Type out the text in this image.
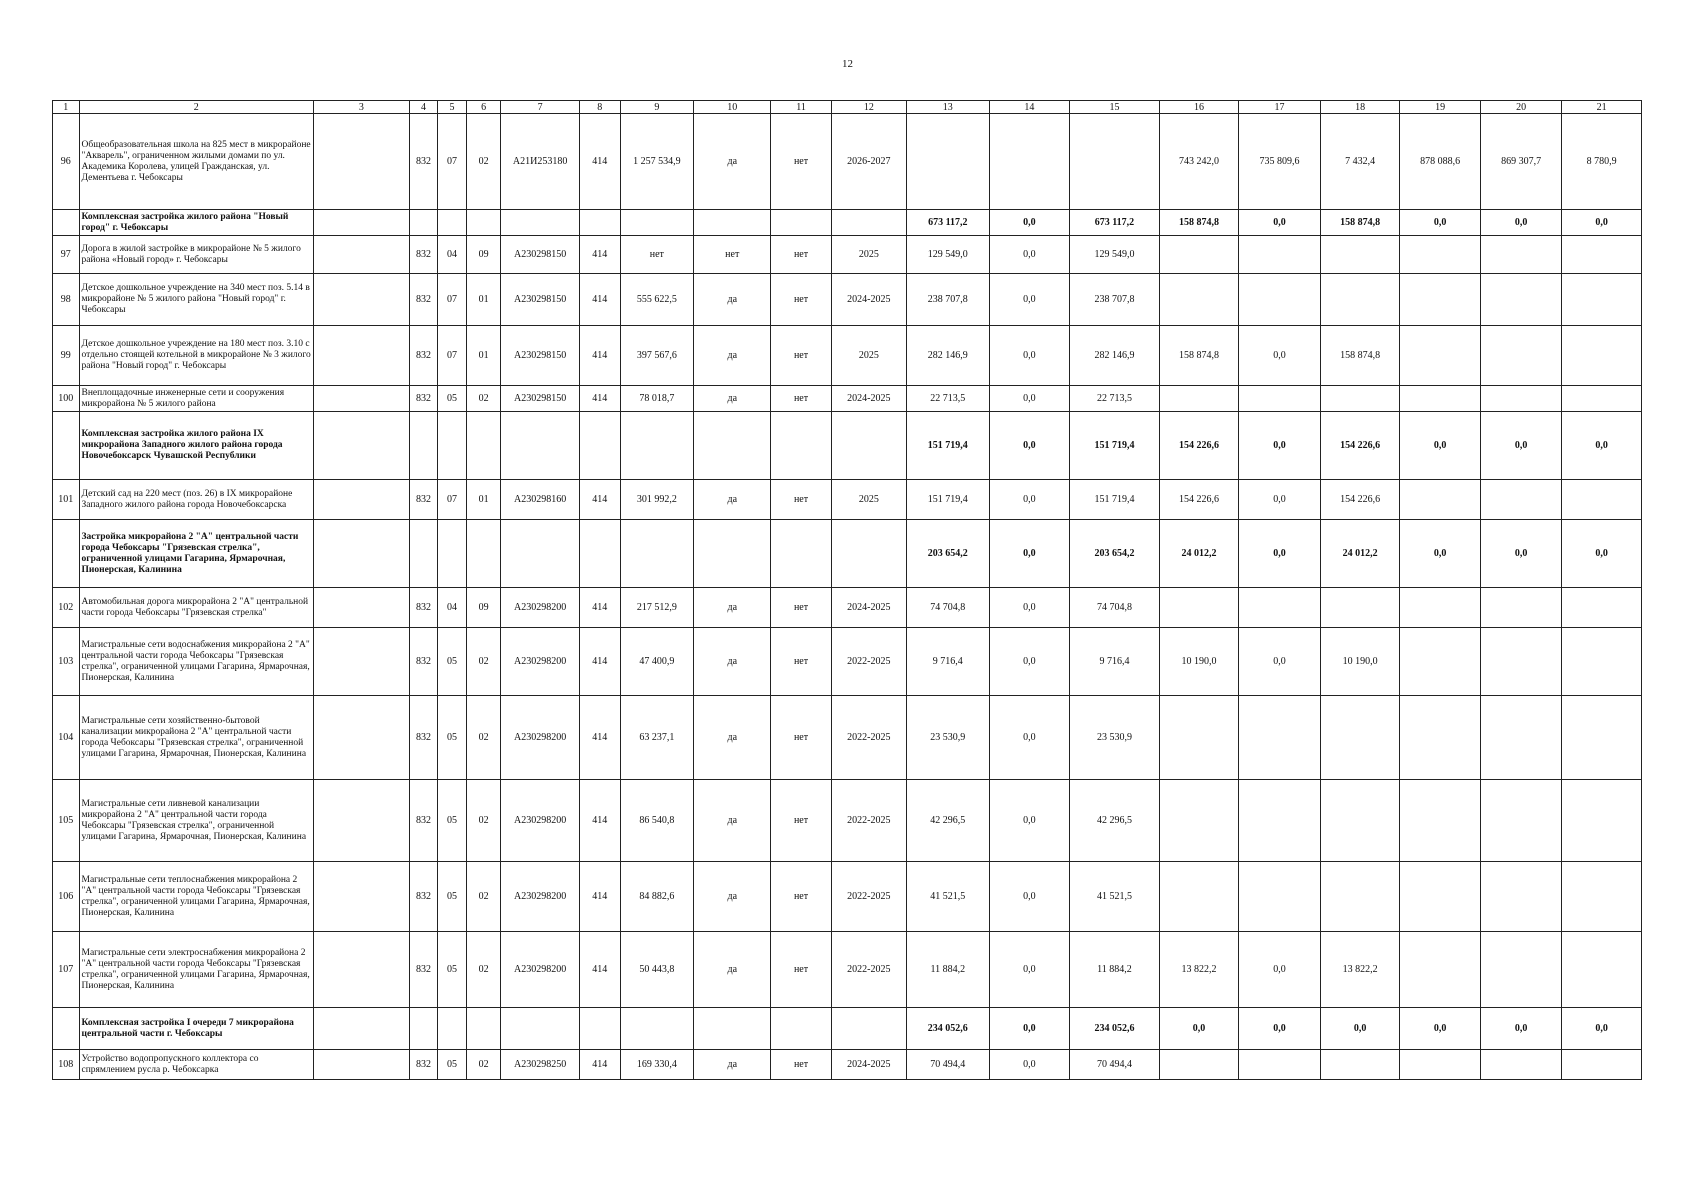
12
1	2	3	4	5	6	7	8	9	10	11	12	13	14	15	16	17	18	19	20	21
96	Общеобразовательная школа на 825 мест в микрорайоне "Акварель", ограниченном жилыми домами по ул. Академика Королева, улицей Гражданская, ул. Дементьева г. Чебоксары		832	07	02	А21И253180	414	1 257 534,9	да	нет	2026-2027				743 242,0	735 809,6	7 432,4	878 088,6	869 307,7	8 780,9
	Комплексная застройка жилого района "Новый город" г. Чебоксары											673 117,2	0,0	673 117,2	158 874,8	0,0	158 874,8	0,0	0,0	0,0
97	Дорога в жилой застройке в микрорайоне № 5 жилого района «Новый город» г. Чебоксары		832	04	09	А230298150	414	нет	нет	нет	2025	129 549,0	0,0	129 549,0						
98	Детское дошкольное учреждение на 340 мест поз. 5.14 в микрорайоне № 5 жилого района "Новый город" г. Чебоксары		832	07	01	А230298150	414	555 622,5	да	нет	2024-2025	238 707,8	0,0	238 707,8						
99	Детское дошкольное учреждение на 180 мест поз. 3.10 с отдельно стоящей котельной в микрорайоне № 3 жилого района "Новый город" г. Чебоксары		832	07	01	А230298150	414	397 567,6	да	нет	2025	282 146,9	0,0	282 146,9	158 874,8	0,0	158 874,8			
100	Внеплощадочные инженерные сети и сооружения микрорайона № 5 жилого района		832	05	02	А230298150	414	78 018,7	да	нет	2024-2025	22 713,5	0,0	22 713,5						
	Комплексная застройка жилого района IX микрорайона Западного жилого района города Новочебоксарск Чувашской Республики											151 719,4	0,0	151 719,4	154 226,6	0,0	154 226,6	0,0	0,0	0,0
101	Детский сад на 220 мест (поз. 26) в IX микрорайоне Западного жилого района города Новочебоксарска		832	07	01	А230298160	414	301 992,2	да	нет	2025	151 719,4	0,0	151 719,4	154 226,6	0,0	154 226,6			
	Застройка микрорайона 2 "А" центральной части города Чебоксары "Грязевская стрелка", ограниченной улицами Гагарина, Ярмарочная, Пионерская, Калинина											203 654,2	0,0	203 654,2	24 012,2	0,0	24 012,2	0,0	0,0	0,0
102	Автомобильная дорога микрорайона 2 "А" центральной части города Чебоксары "Грязевская стрелка"		832	04	09	А230298200	414	217 512,9	да	нет	2024-2025	74 704,8	0,0	74 704,8						
103	Магистральные сети водоснабжения микрорайона 2 "А" центральной части города Чебоксары "Грязевская стрелка", ограниченной улицами Гагарина, Ярмарочная, Пионерская, Калинина		832	05	02	А230298200	414	47 400,9	да	нет	2022-2025	9 716,4	0,0	9 716,4	10 190,0	0,0	10 190,0			
104	Магистральные сети хозяйственно-бытовой канализации микрорайона 2 "А" центральной части города Чебоксары "Грязевская стрелка", ограниченной улицами Гагарина, Ярмарочная, Пионерская, Калинина		832	05	02	А230298200	414	63 237,1	да	нет	2022-2025	23 530,9	0,0	23 530,9						
105	Магистральные сети ливневой канализации микрорайона 2 "А" центральной части города Чебоксары "Грязевская стрелка", ограниченной улицами Гагарина, Ярмарочная, Пионерская, Калинина		832	05	02	А230298200	414	86 540,8	да	нет	2022-2025	42 296,5	0,0	42 296,5						
106	Магистральные сети теплоснабжения микрорайона 2 "А" центральной части города Чебоксары "Грязевская стрелка", ограниченной улицами Гагарина, Ярмарочная, Пионерская, Калинина		832	05	02	А230298200	414	84 882,6	да	нет	2022-2025	41 521,5	0,0	41 521,5						
107	Магистральные сети электроснабжения микрорайона 2 "А" центральной части города Чебоксары "Грязевская стрелка", ограниченной улицами Гагарина, Ярмарочная, Пионерская, Калинина		832	05	02	А230298200	414	50 443,8	да	нет	2022-2025	11 884,2	0,0	11 884,2	13 822,2	0,0	13 822,2			
	Комплексная застройка I очереди 7 микрорайона центральной части г. Чебоксары											234 052,6	0,0	234 052,6	0,0	0,0	0,0	0,0	0,0	0,0
108	Устройство водопропускного коллектора со спрямлением русла р. Чебоксарка		832	05	02	А230298250	414	169 330,4	да	нет	2024-2025	70 494,4	0,0	70 494,4						
